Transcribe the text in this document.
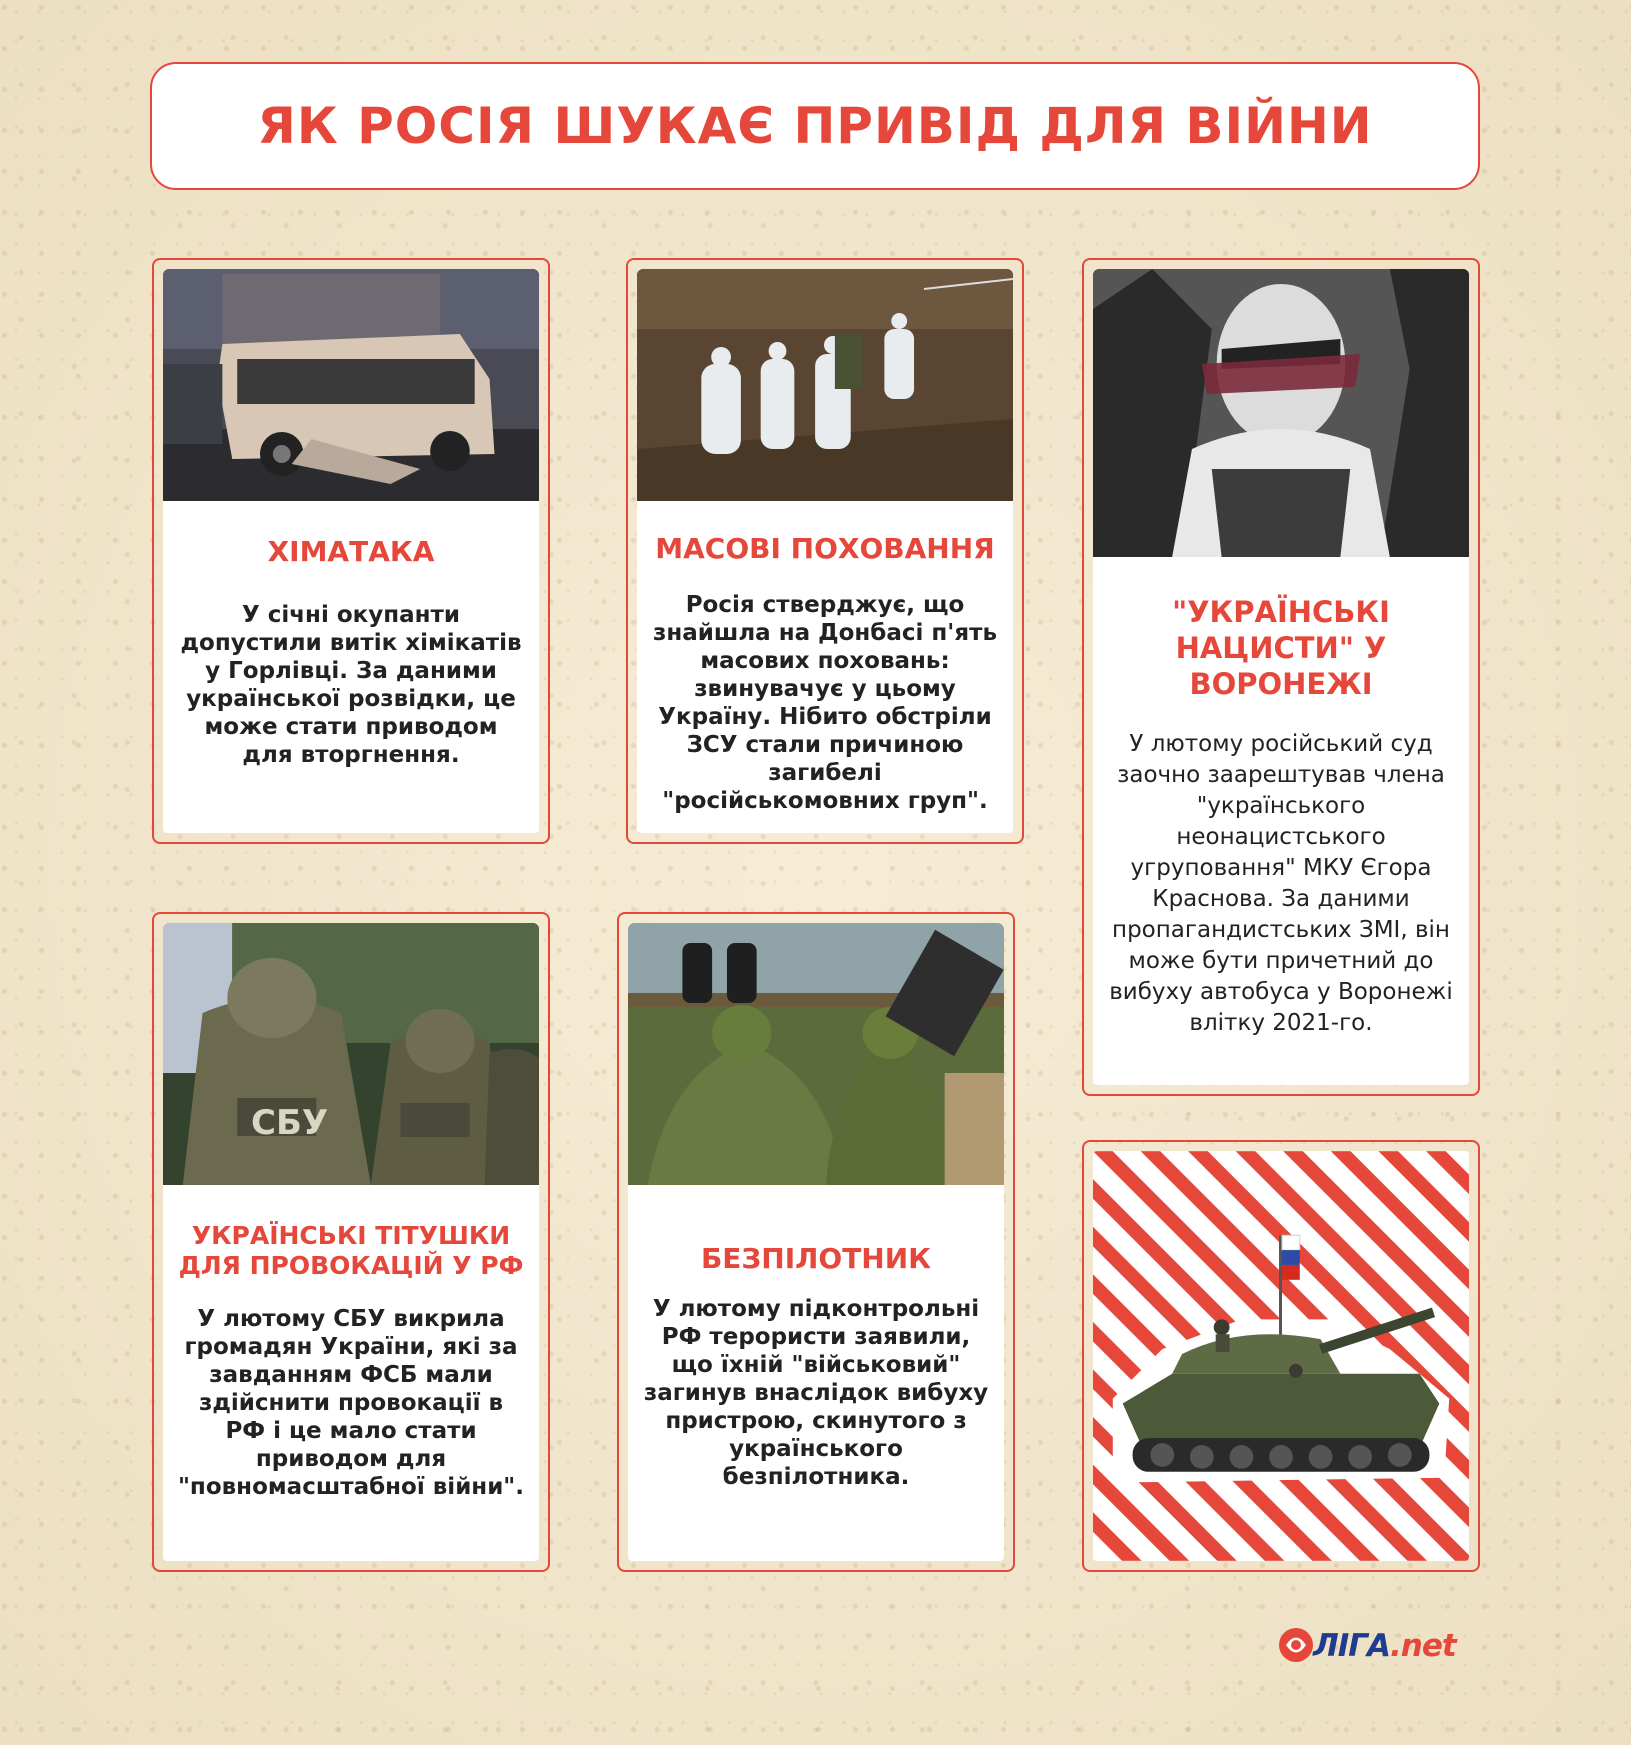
ЯК РОСІЯ ШУКАЄ ПРИВІД ДЛЯ ВІЙНИ
ХІМАТАКА
У січні окупанти допустили витік хімікатів у Горлівці. За даними української розвідки, це може стати приводом для вторгнення.
МАСОВІ ПОХОВАННЯ
Росія стверджує, що знайшла на Донбасі п'ять масових поховань: звинувачує у цьому Україну. Нібито обстріли ЗСУ стали причиною загибелі "російськомовних груп".
"УКРАЇНСЬКІ НАЦИСТИ" У ВОРОНЕЖІ
У лютому російський суд заочно заарештував члена "українського неонацистського угруповання" МКУ Єгора Краснова. За даними пропагандистських ЗМІ, він може бути причетний до вибуху автобуса у Воронежі влітку 2021-го.
СБУ
УКРАЇНСЬКІ ТІТУШКИ ДЛЯ ПРОВОКАЦІЙ У РФ
У лютому СБУ викрила громадян України, які за завданням ФСБ мали здійснити провокації в РФ і це мало стати приводом для "повномасштабної війни".
БЕЗПІЛОТНИК
У лютому підконтрольні РФ терористи заявили, що їхній "військовий" загинув внаслідок вибуху пристрою, скинутого з українського безпілотника.
ЛІГА.net
